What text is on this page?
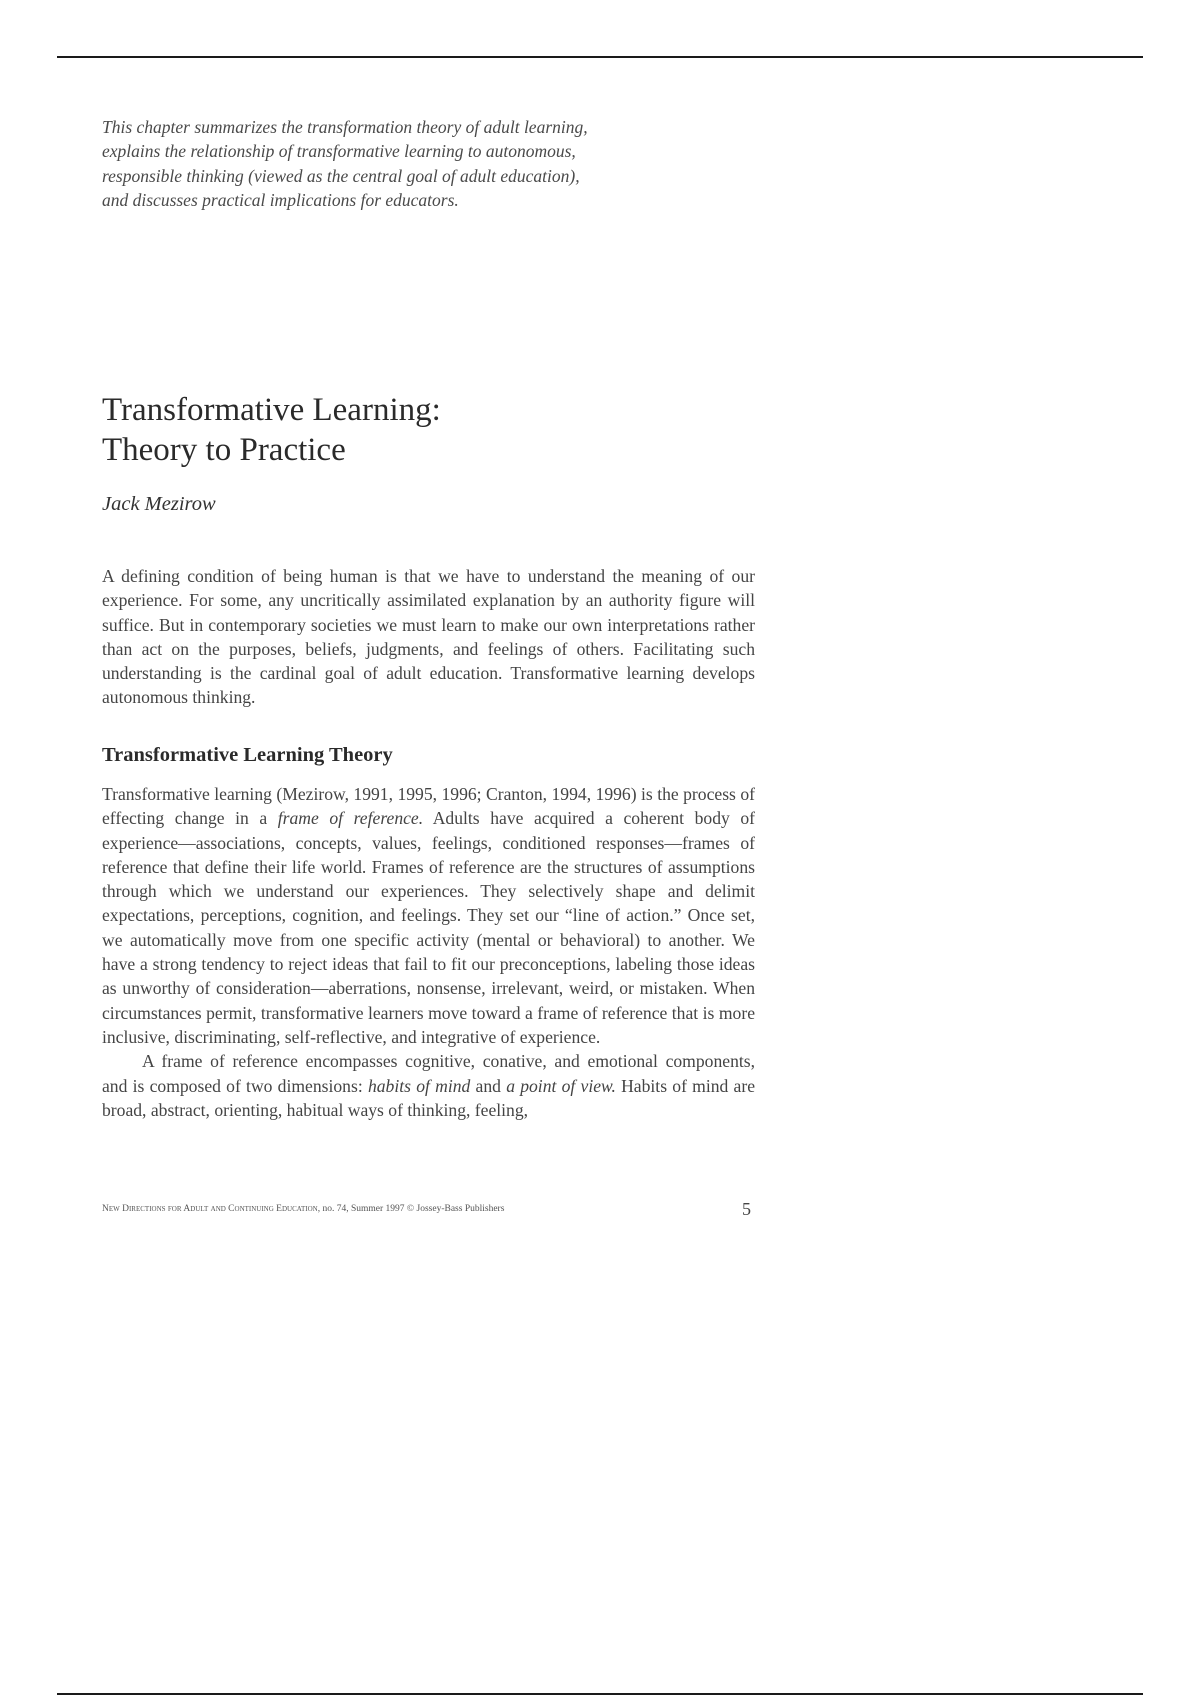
This chapter summarizes the transformation theory of adult learning,

explains the relationship of transformative learning to autonomous,

responsible thinking (viewed as the central goal of adult education),

and discusses practical implications for educators.

Transformative Learning:
Theory to Practice
Jack Mezirow

A defining condition of being human is that we have to understand the meaning of our experience. For some, any uncritically assimilated explanation by an authority figure will suffice. But in contemporary societies we must learn to make our own interpretations rather than act on the purposes, beliefs, judgments, and feelings of others. Facilitating such understanding is the cardinal goal of adult education. Transformative learning develops autonomous thinking.

Transformative Learning Theory

Transformative learning (Mezirow, 1991, 1995, 1996; Cranton, 1994, 1996) is the process of effecting change in a frame of reference. Adults have acquired a coherent body of experience—associations, concepts, values, feelings, conditioned responses—frames of reference that define their life world. Frames of reference are the structures of assumptions through which we understand our experiences. They selectively shape and delimit expectations, perceptions, cognition, and feelings. They set our “line of action.” Once set, we automatically move from one specific activity (mental or behavioral) to another. We have a strong tendency to reject ideas that fail to fit our preconceptions, labeling those ideas as unworthy of consideration—aberrations, nonsense, irrelevant, weird, or mistaken. When circumstances permit, transformative learners move toward a frame of reference that is more inclusive, discriminating, self-reflective, and integrative of experience.

A frame of reference encompasses cognitive, conative, and emotional components, and is composed of two dimensions: habits of mind and a point of view. Habits of mind are broad, abstract, orienting, habitual ways of thinking, feeling,

New Directions for Adult and Continuing Education, no. 74, Summer 1997 © Jossey-Bass Publishers	5
